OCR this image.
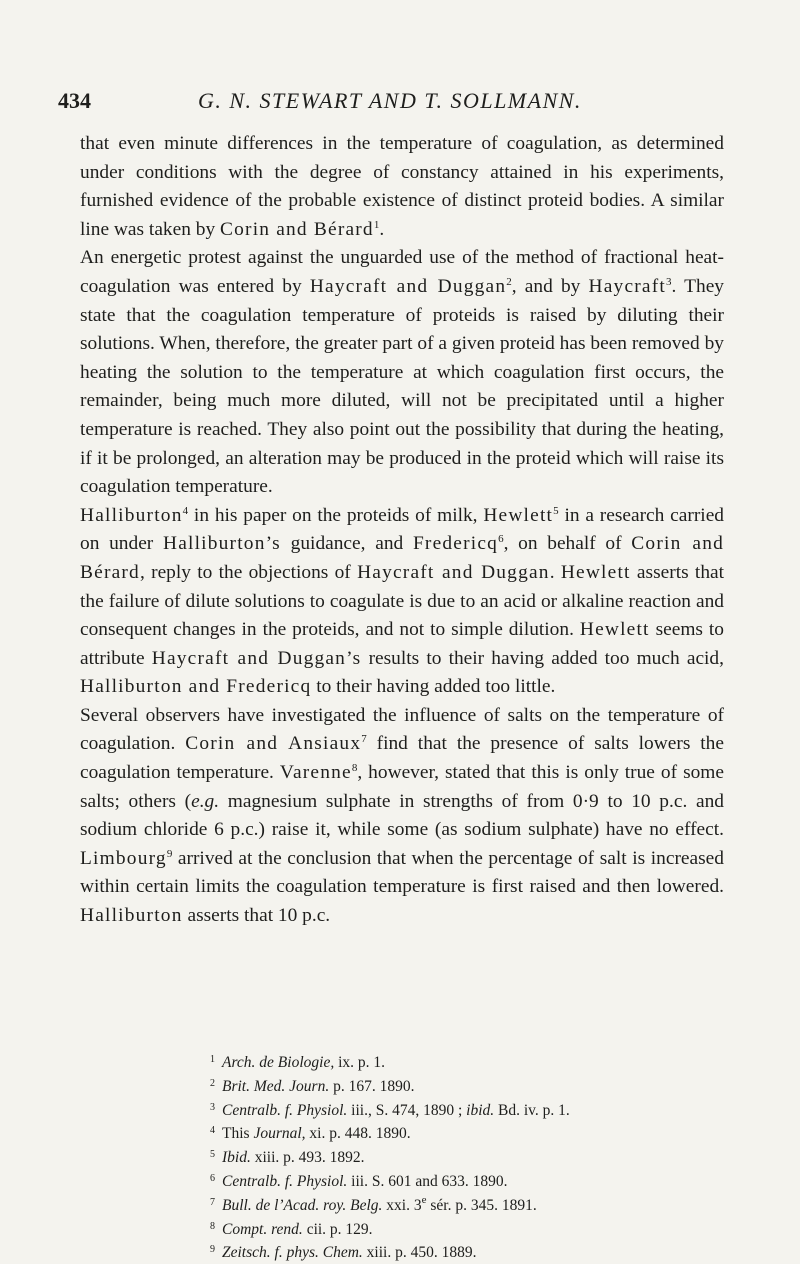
434	G. N. STEWART AND T. SOLLMANN.

that even minute differences in the temperature of coagulation, as determined under conditions with the degree of constancy attained in his experiments, furnished evidence of the probable existence of distinct proteid bodies. A similar line was taken by Corin and Bérard$^1$.

An energetic protest against the unguarded use of the method of fractional heat-coagulation was entered by Haycraft and Duggan$^2$, and by Haycraft$^3$. They state that the coagulation temperature of proteids is raised by diluting their solutions. When, therefore, the greater part of a given proteid has been removed by heating the solution to the temperature at which coagulation first occurs, the remainder, being much more diluted, will not be precipitated until a higher temperature is reached. They also point out the possibility that during the heating, if it be prolonged, an alteration may be produced in the proteid which will raise its coagulation temperature.

Halliburton$^4$ in his paper on the proteids of milk, Hewlett$^5$ in a research carried on under Halliburton’s guidance, and Fredericq$^6$, on behalf of Corin and Bérard, reply to the objections of Haycraft and Duggan. Hewlett asserts that the failure of dilute solutions to coagulate is due to an acid or alkaline reaction and consequent changes in the proteids, and not to simple dilution. Hewlett seems to attribute Haycraft and Duggan’s results to their having added too much acid, Halliburton and Fredericq to their having added too little.

Several observers have investigated the influence of salts on the temperature of coagulation. Corin and Ansiaux$^7$ find that the presence of salts lowers the coagulation temperature. Varenne$^8$, however, stated that this is only true of some salts; others (e.g. magnesium sulphate in strengths of from 0·9 to 10 p.c. and sodium chloride 6 p.c.) raise it, while some (as sodium sulphate) have no effect. Limbourg$^9$ arrived at the conclusion that when the percentage of salt is increased within certain limits the coagulation temperature is first raised and then lowered. Halliburton asserts that 10 p.c.

$^1$ Arch. de Biologie, ix. p. 1.
$^2$ Brit. Med. Journ. p. 167. 1890.
$^3$ Centralb. f. Physiol. iii., S. 474, 1890 ; ibid. Bd. iv. p. 1.
$^4$ This Journal, xi. p. 448. 1890.
$^5$ Ibid. xiii. p. 493. 1892.
$^6$ Centralb. f. Physiol. iii. S. 601 and 633. 1890.
$^7$ Bull. de l’Acad. roy. Belg. xxi. 3e sér. p. 345. 1891.
$^8$ Compt. rend. cii. p. 129.
$^9$ Zeitsch. f. phys. Chem. xiii. p. 450. 1889.
